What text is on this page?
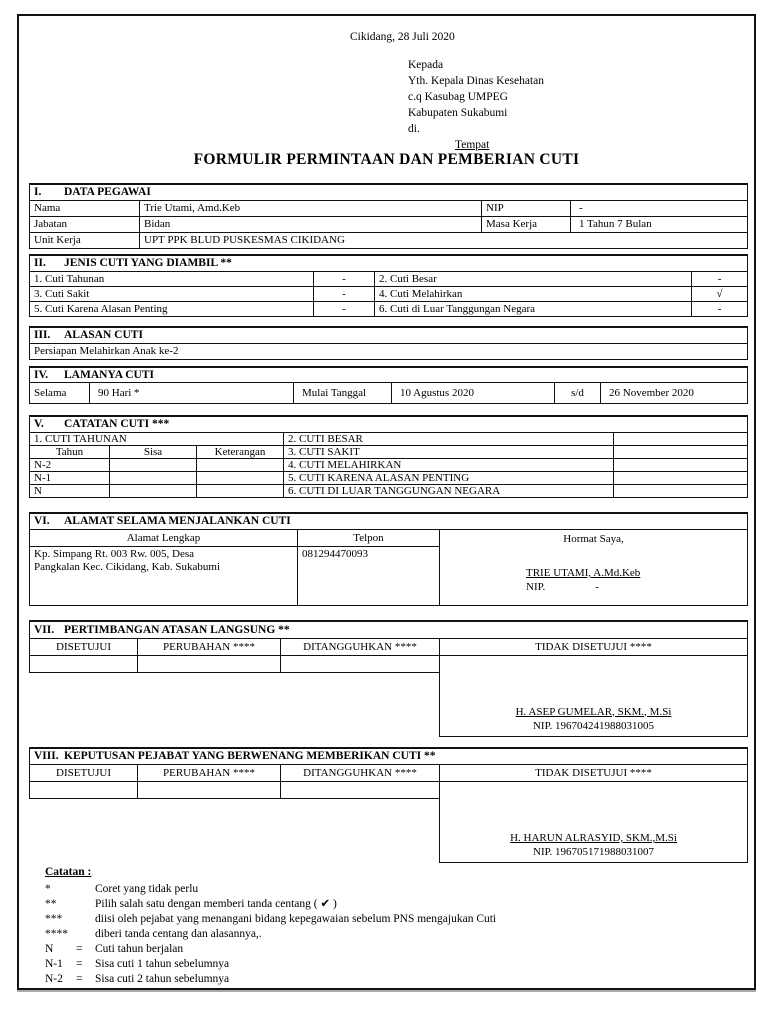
Cikidang, 28 Juli 2020
Kepada
Yth. Kepala Dinas Kesehatan
c.q Kasubag UMPEG
Kabupaten Sukabumi
di.
Tempat
FORMULIR PERMINTAAN DAN PEMBERIAN CUTI
I. DATA PEGAWAI			
Nama	Trie Utami, Amd.Keb	NIP	-
Jabatan	Bidan	Masa Kerja	1 Tahun 7 Bulan
Unit Kerja	UPT PPK BLUD PUSKESMAS CIKIDANG		
II. JENIS CUTI YANG DIAMBIL **			
1. Cuti Tahunan	-	2. Cuti Besar	-
3. Cuti Sakit	-	4. Cuti Melahirkan	√
5. Cuti Karena Alasan Penting	-	6. Cuti di Luar Tanggungan Negara	-
III. ALASAN CUTI
Persiapan Melahirkan Anak ke-2
IV. LAMANYA CUTI
Selama	90 Hari *	Mulai Tanggal	10 Agustus 2020	s/d	26 November 2020
V. CATATAN CUTI ***				
1. CUTI TAHUNAN			2. CUTI BESAR	
Tahun	Sisa	Keterangan	3. CUTI SAKIT	
N-2			4. CUTI MELAHIRKAN	
N-1			5. CUTI KARENA ALASAN PENTING	
N			6. CUTI DI LUAR TANGGUNGAN NEGARA	
VI. ALAMAT SELAMA MENJALANKAN CUTI		
Alamat Lengkap	Telpon	Hormat Saya,
TRIE UTAMI, A.Md.Keb
NIP. -

Kp. Simpang Rt. 003 Rw. 005, Desa
Pangkalan Kec. Cikidang, Kab. Sukabumi	081294470093	
VII. PERTIMBANGAN ATASAN LANGSUNG **			
DISETUJUI	PERUBAHAN ****	DITANGGUHKAN ****	TIDAK DISETUJUI ****
			H. ASEP GUMELAR, SKM., M.Si
NIP. 196704241988031005

VIII. KEPUTUSAN PEJABAT YANG BERWENANG MEMBERIKAN CUTI **			
DISETUJUI	PERUBAHAN ****	DITANGGUHKAN ****	TIDAK DISETUJUI ****
			H. HARUN ALRASYID, SKM.,M.Si
NIP. 196705171988031007

Catatan :
*	Coret yang tidak perlu
**	Pilih salah satu dengan memberi tanda centang ( ✔ )
***	diisi oleh pejabat yang menangani bidang kepegawaian sebelum PNS mengajukan Cuti
**** diberi tanda centang dan alasannya,.
N = Cuti tahun berjalan
N-1 = Sisa cuti 1 tahun sebelumnya
N-2 = Sisa cuti 2 tahun sebelumnya
